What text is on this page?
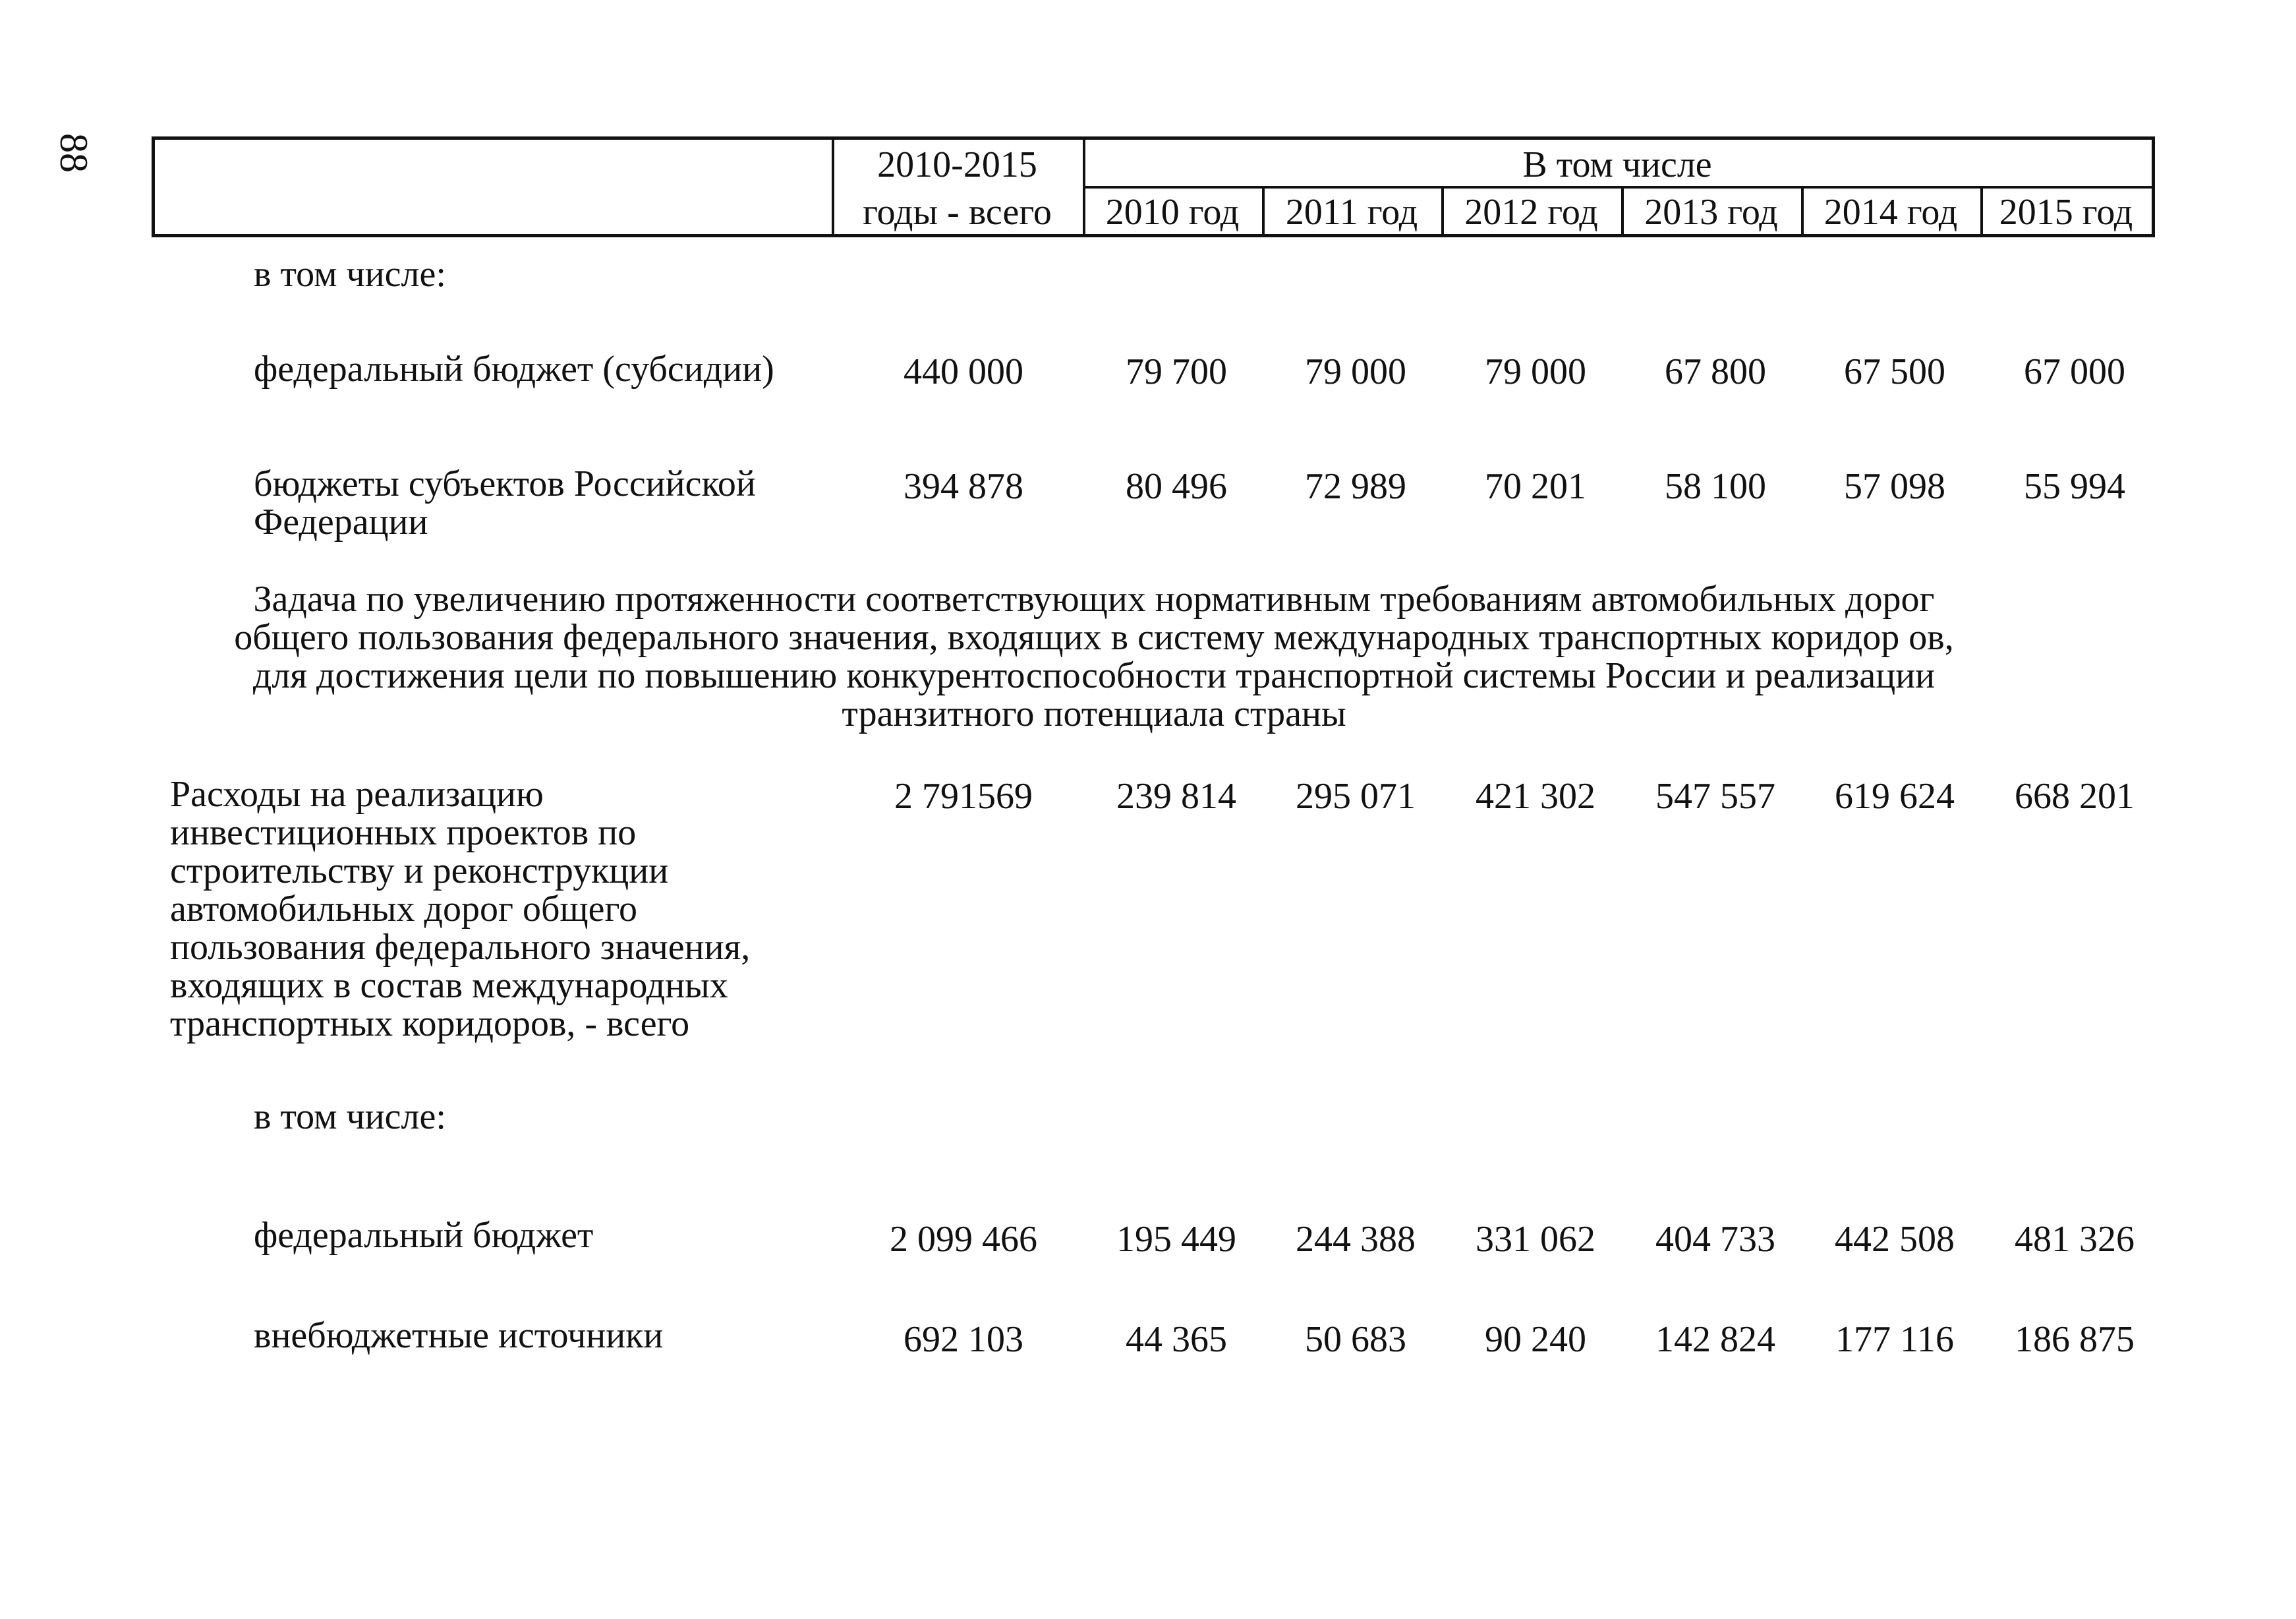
88	2010-2015
годы - всего
В том числе
2010 год	2011 год	2012 год	2013 год	2014 год	2015 год
в том числе:
федеральный бюджет (субсидии)	440 000	79 700	79 000	79 000	67 800	67 500	67 000
бюджеты субъектов Российской
Федерации
394 878	80 496	72 989	70 201	58 100	57 098	55 994
Задача по увеличению протяженности соответствующих нормативным требованиям автомобильных дорог
общего пользования федерального значения, входящих в систему международных транспортных коридор ов,
для достижения цели по повышению конкурентоспособности транспортной системы России и реализации
транзитного потенциала страны
Расходы на реализацию
инвестиционных проектов по
строительству и реконструкции
автомобильных дорог общего
пользования федерального значения,
входящих в состав международных
транспортных коридоров, - всего
2 791569	239 814	295 071	421 302	547 557	619 624	668 201
в том числе:
федеральный бюджет	2 099 466	195 449	244 388	331 062	404 733	442 508	481 326
внебюджетные источники	692 103	44 365	50 683	90 240	142 824	177 116	186 875
